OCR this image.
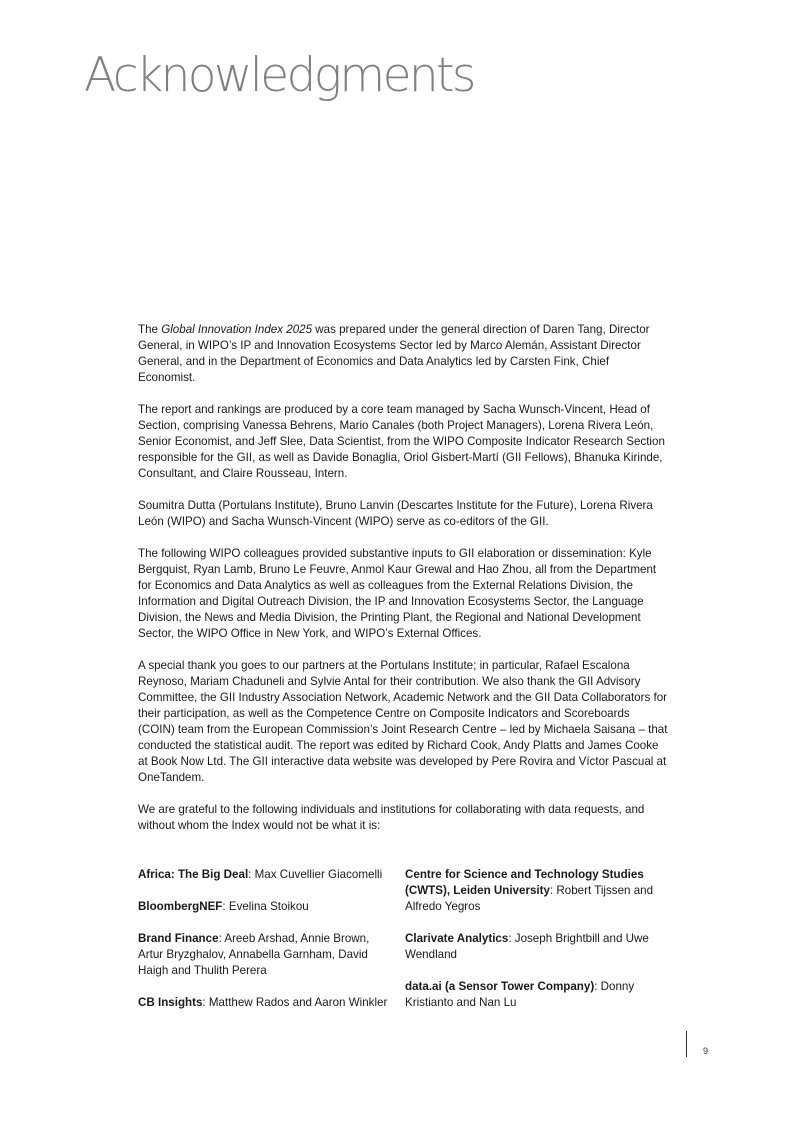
Acknowledgments

The Global Innovation Index 2025 was prepared under the general direction of Daren Tang, Director General, in WIPO’s IP and Innovation Ecosystems Sector led by Marco Alemán, Assistant Director General, and in the Department of Economics and Data Analytics led by Carsten Fink, Chief Economist.

The report and rankings are produced by a core team managed by Sacha Wunsch-Vincent, Head of Section, comprising Vanessa Behrens, Mario Canales (both Project Managers), Lorena Rivera León, Senior Economist, and Jeff Slee, Data Scientist, from the WIPO Composite Indicator Research Section responsible for the GII, as well as Davide Bonaglia, Oriol Gisbert-Martí (GII Fellows), Bhanuka Kirinde, Consultant, and Claire Rousseau, Intern.

Soumitra Dutta (Portulans Institute), Bruno Lanvin (Descartes Institute for the Future), Lorena Rivera León (WIPO) and Sacha Wunsch-Vincent (WIPO) serve as co-editors of the GII.

The following WIPO colleagues provided substantive inputs to GII elaboration or dissemination: Kyle Bergquist, Ryan Lamb, Bruno Le Feuvre, Anmol Kaur Grewal and Hao Zhou, all from the Department for Economics and Data Analytics as well as colleagues from the External Relations Division, the Information and Digital Outreach Division, the IP and Innovation Ecosystems Sector, the Language Division, the News and Media Division, the Printing Plant, the Regional and National Development Sector, the WIPO Office in New York, and WIPO’s External Offices.

A special thank you goes to our partners at the Portulans Institute; in particular, Rafael Escalona Reynoso, Mariam Chaduneli and Sylvie Antal for their contribution. We also thank the GII Advisory Committee, the GII Industry Association Network, Academic Network and the GII Data Collaborators for their participation, as well as the Competence Centre on Composite Indicators and Scoreboards (COIN) team from the European Commission’s Joint Research Centre – led by Michaela Saisana – that conducted the statistical audit. The report was edited by Richard Cook, Andy Platts and James Cooke at Book Now Ltd. The GII interactive data website was developed by Pere Rovira and Víctor Pascual at OneTandem.

We are grateful to the following individuals and institutions for collaborating with data requests, and without whom the Index would not be what it is:

Africa: The Big Deal: Max Cuvellier Giacomelli

BloombergNEF: Evelina Stoikou

Brand Finance: Areeb Arshad, Annie Brown, Artur Bryzghalov, Annabella Garnham, David Haigh and Thulith Perera

CB Insights: Matthew Rados and Aaron Winkler

Centre for Science and Technology Studies (CWTS), Leiden University: Robert Tijssen and Alfredo Yegros

Clarivate Analytics: Joseph Brightbill and Uwe Wendland

data.ai (a Sensor Tower Company): Donny Kristianto and Nan Lu

9
